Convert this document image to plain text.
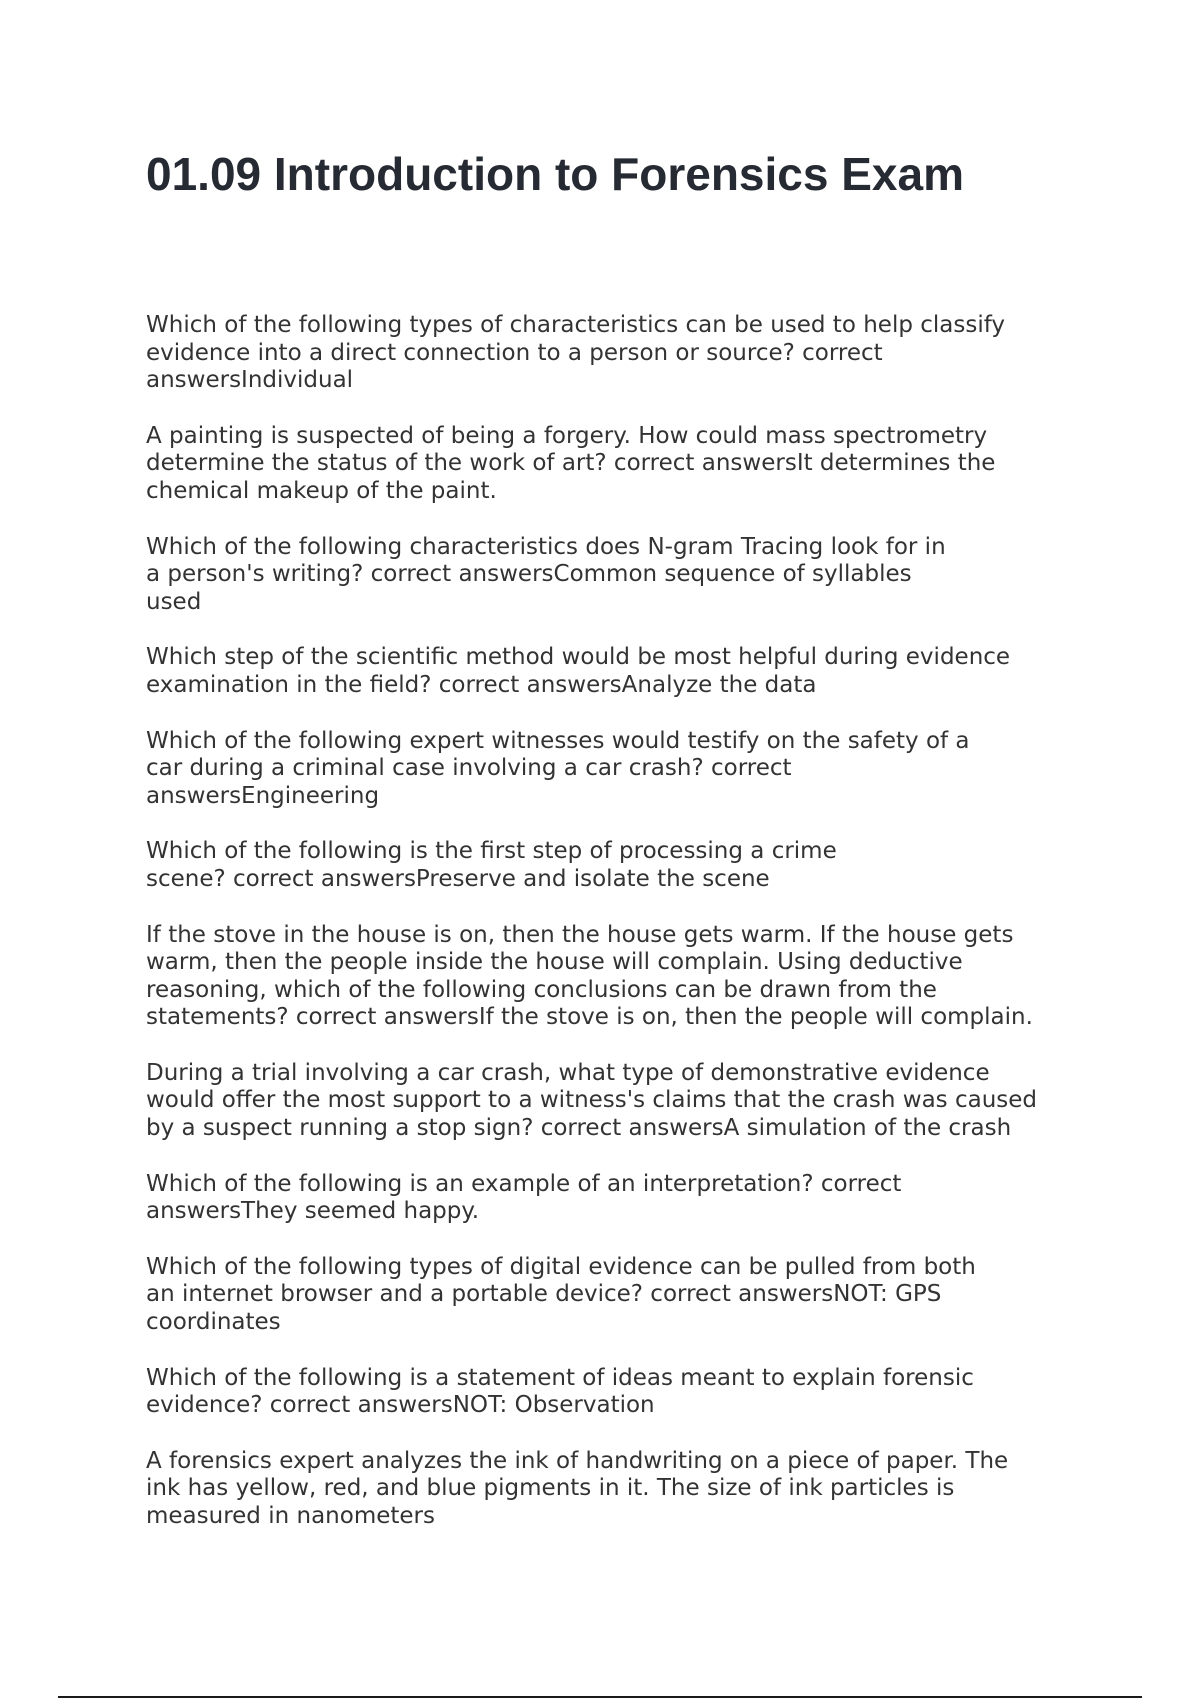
01.09 Introduction to Forensics Exam

Which of the following types of characteristics can be used to help classify
evidence into a direct connection to a person or source? correct
answersIndividual

A painting is suspected of being a forgery. How could mass spectrometry
determine the status of the work of art? correct answersIt determines the
chemical makeup of the paint.

Which of the following characteristics does N-gram Tracing look for in
a person's writing? correct answersCommon sequence of syllables
used

Which step of the scientific method would be most helpful during evidence
examination in the field? correct answersAnalyze the data

Which of the following expert witnesses would testify on the safety of a
car during a criminal case involving a car crash? correct
answersEngineering

Which of the following is the first step of processing a crime
scene? correct answersPreserve and isolate the scene

If the stove in the house is on, then the house gets warm. If the house gets
warm, then the people inside the house will complain. Using deductive
reasoning, which of the following conclusions can be drawn from the
statements? correct answersIf the stove is on, then the people will complain.

During a trial involving a car crash, what type of demonstrative evidence
would offer the most support to a witness's claims that the crash was caused
by a suspect running a stop sign? correct answersA simulation of the crash

Which of the following is an example of an interpretation? correct
answersThey seemed happy.

Which of the following types of digital evidence can be pulled from both
an internet browser and a portable device? correct answersNOT: GPS
coordinates

Which of the following is a statement of ideas meant to explain forensic
evidence? correct answersNOT: Observation

A forensics expert analyzes the ink of handwriting on a piece of paper. The
ink has yellow, red, and blue pigments in it. The size of ink particles is
measured in nanometers
